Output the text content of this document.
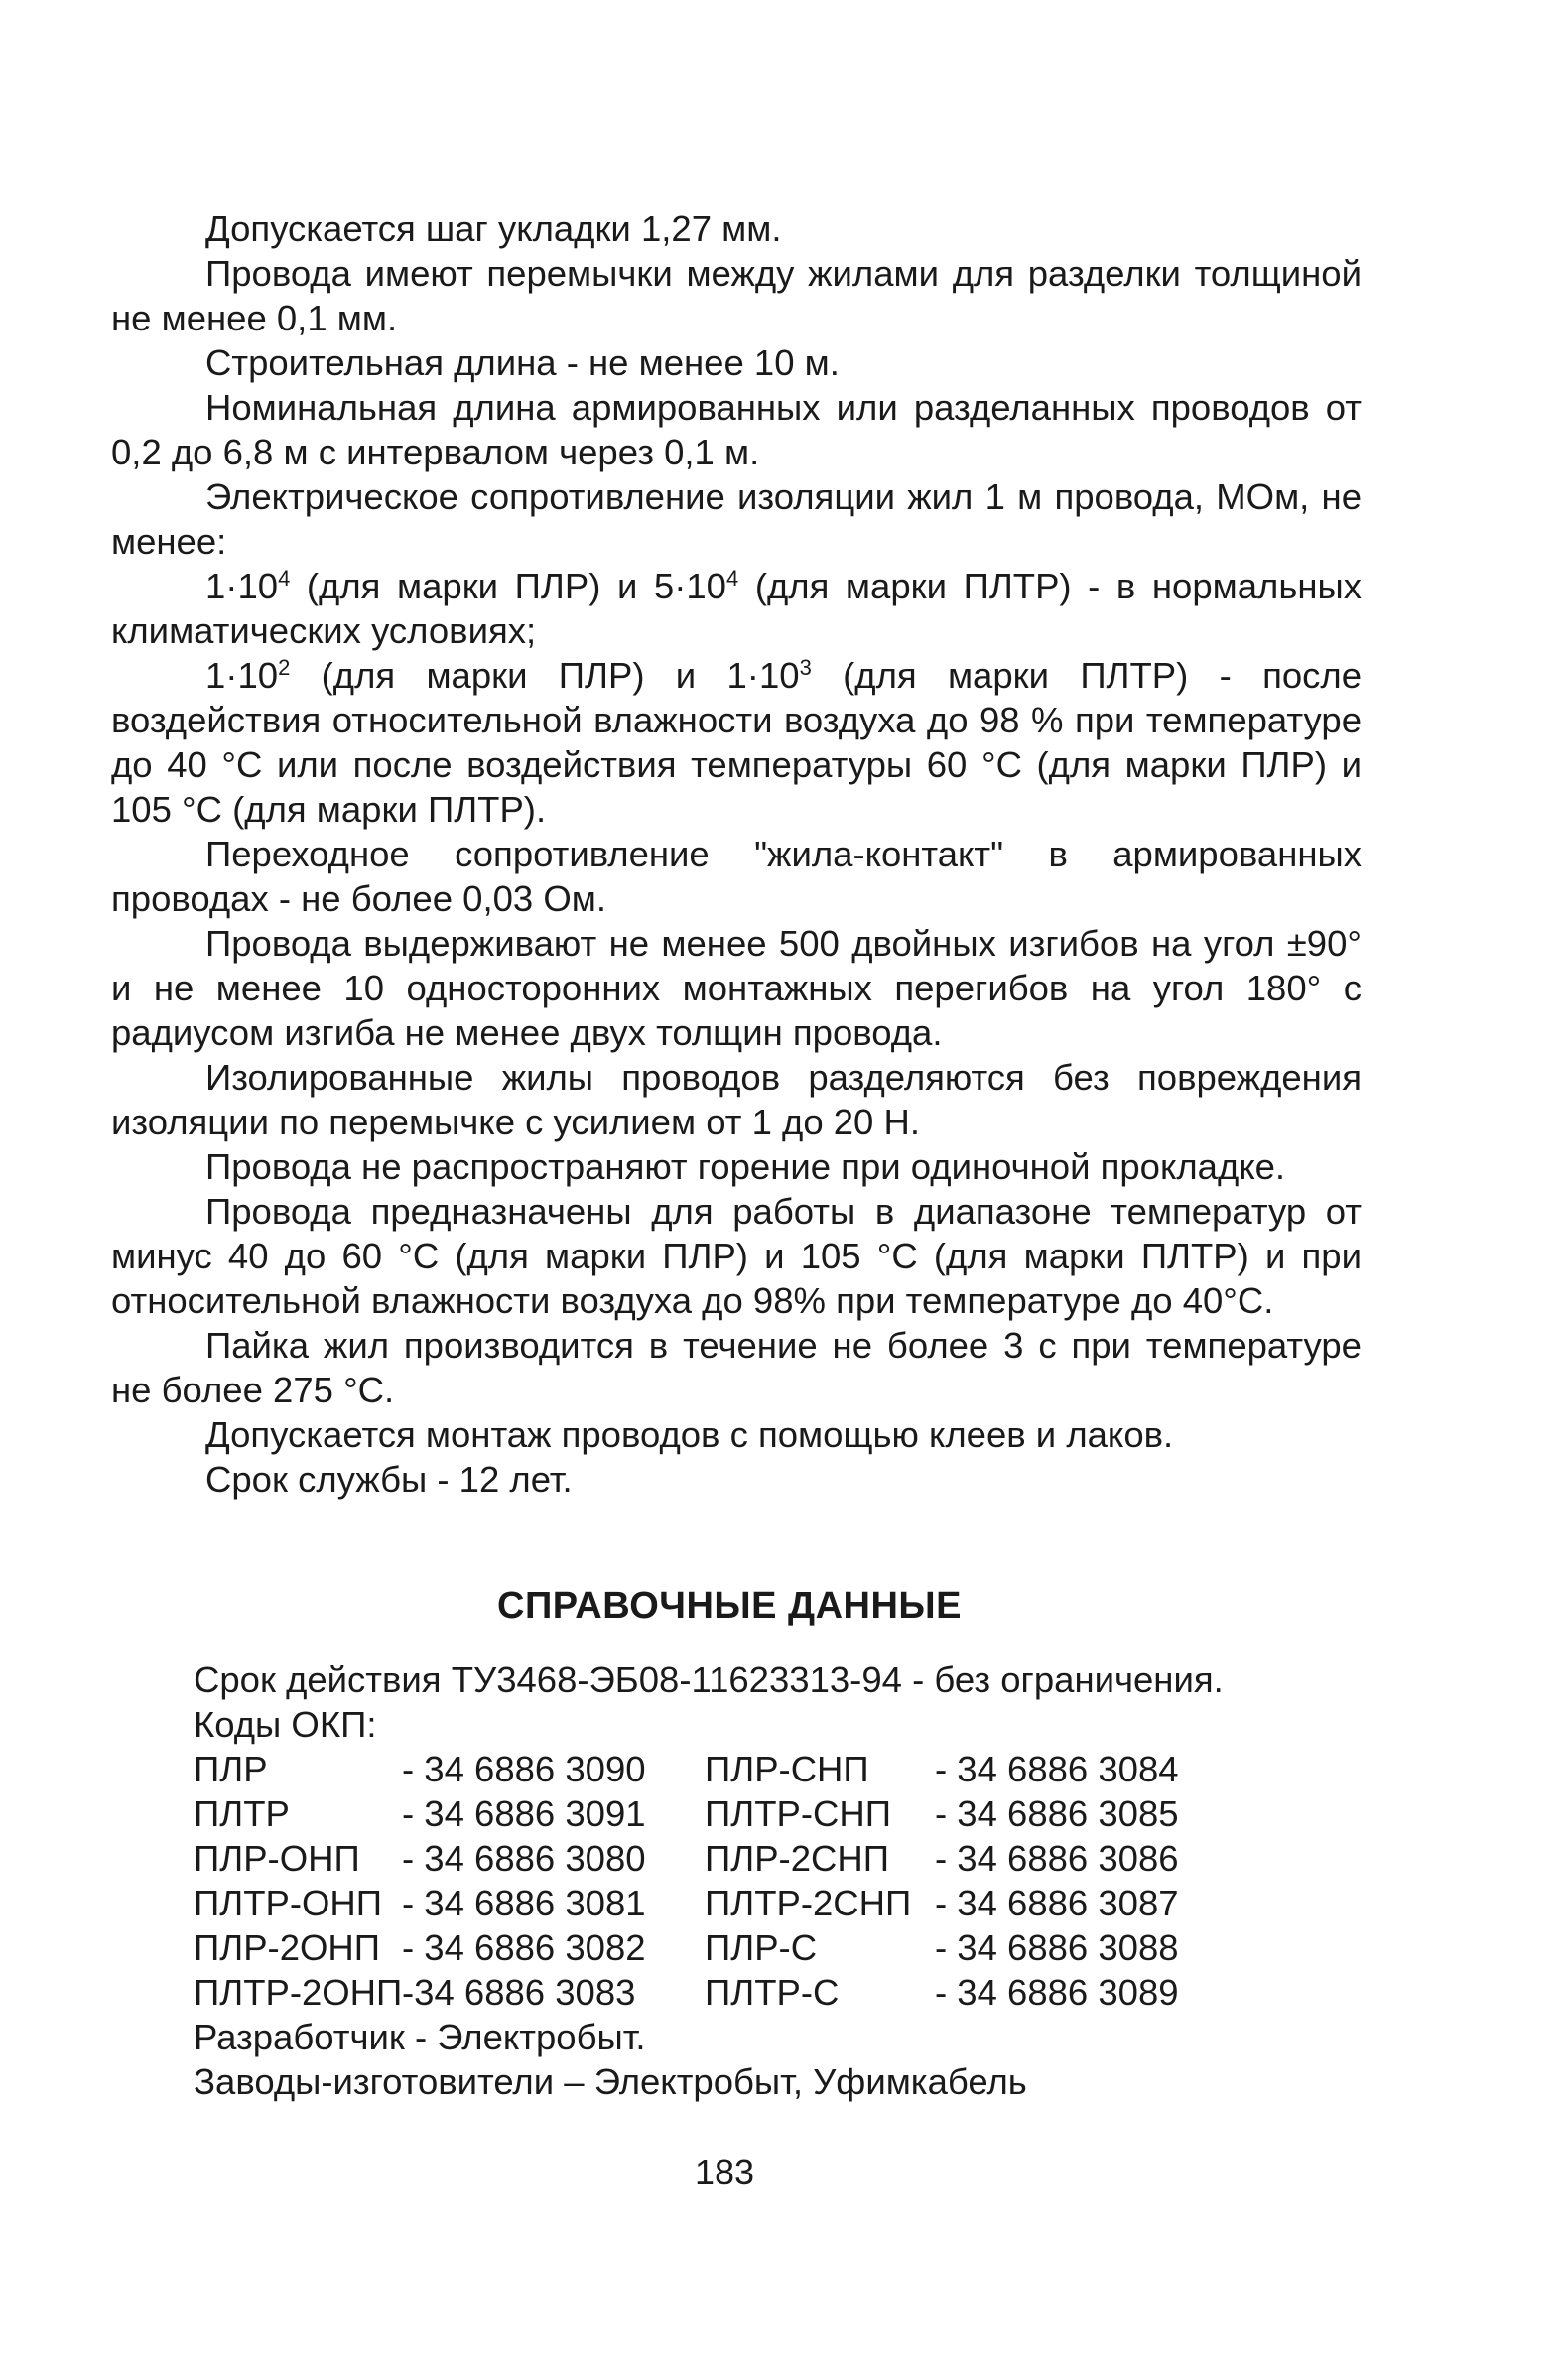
Допускается шаг укладки 1,27 мм.

Провода имеют перемычки между жилами для разделки толщиной не менее 0,1 мм.

Строительная длина - не менее 10 м.

Номинальная длина армированных или разделанных проводов от 0,2 до 6,8 м с интервалом через 0,1 м.

Электрическое сопротивление изоляции жил 1 м провода, МОм, не менее:

$1\cdot 10^4$ (для марки ПЛР) и $5\cdot 10^4$ (для марки ПЛТР) - в нормальных климатических условиях;

$1\cdot 10^2$ (для марки ПЛР) и $1\cdot 10^3$ (для марки ПЛТР) - после воздействия относительной влажности воздуха до 98 % при температуре до 40 °С или после воздействия температуры 60 °С (для марки ПЛР) и 105 °С (для марки ПЛТР).

Переходное сопротивление "жила-контакт" в армированных проводах - не более 0,03 Ом.

Провода выдерживают не менее 500 двойных изгибов на угол ±90° и не менее 10 односторонних монтажных перегибов на угол 180° с радиусом изгиба не менее двух толщин провода.

Изолированные жилы проводов разделяются без повреждения изоляции по перемычке с усилием от 1 до 20 Н.

Провода не распространяют горение при одиночной прокладке.

Провода предназначены для работы в диапазоне температур от минус 40 до 60 °С (для марки ПЛР) и 105 °С (для марки ПЛТР) и при относительной влажности воздуха до 98% при температуре до 40°С.

Пайка жил производится в течение не более 3 с при температуре не более 275 °С.

Допускается монтаж проводов с помощью клеев и лаков.

Срок службы - 12 лет.

СПРАВОЧНЫЕ ДАННЫЕ
Срок действия ТУ3468-ЭБ08-11623313-94 - без ограничения.
Коды ОКП:
ПЛР	- 34 6886 3090	ПЛР-СНП	- 34 6886 3084
ПЛТР	- 34 6886 3091	ПЛТР-СНП	- 34 6886 3085
ПЛР-ОНП	- 34 6886 3080	ПЛР-2СНП	- 34 6886 3086
ПЛТР-ОНП - 34 6886 3081	ПЛТР-2СНП - 34 6886 3087
ПЛР-2ОНП - 34 6886 3082	ПЛР-С	- 34 6886 3088
ПЛТР-2ОНП -34 6886 3083	ПЛТР-С	- 34 6886 3089
Разработчик - Электробыт.
Заводы-изготовители – Электробыт, Уфимкабель
183
